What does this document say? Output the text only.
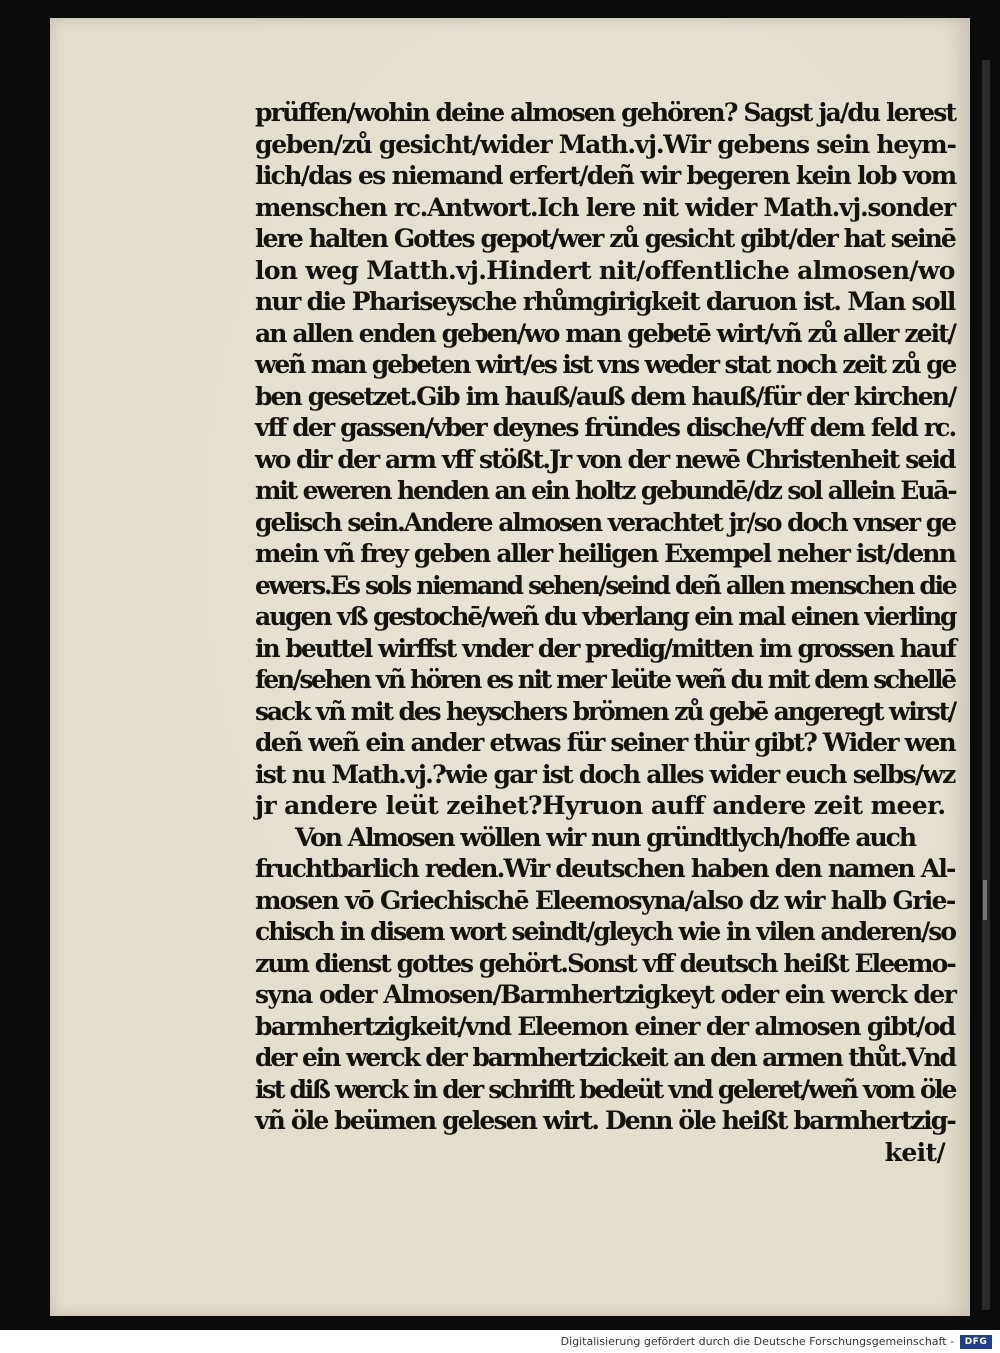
prüffen/wohin deine almosen gehören? Sagst ja/du lerest
geben/zů gesicht/wider Math.vj.Wir gebens sein heym-
lich/das es niemand erfert/deñ wir begeren kein lob vom
menschen rc.Antwort.Ich lere nit wider Math.vj.sonder
lere halten Gottes gepot/wer zů gesicht gibt/der hat seinē
lon weg Matth.vj.Hindert nit/offentliche almosen/wo
nur die Phariseysche rhůmgirigkeit daruon ist. Man soll
an allen enden geben/wo man gebetē wirt/vñ zů aller zeit/
weñ man gebeten wirt/es ist vns weder stat noch zeit zů ge
ben gesetzet.Gib im hauß/auß dem hauß/für der kirchen/
vff der gassen/vber deynes fründes dische/vff dem feld rc.
wo dir der arm vff stößt.Jr von der newē Christenheit seid
mit eweren henden an ein holtz gebundē/dz sol allein Euā-
gelisch sein.Andere almosen verachtet jr/so doch vnser ge
mein vñ frey geben aller heiligen Exempel neher ist/denn
ewers.Es sols niemand sehen/seind deñ allen menschen die
augen vß gestochē/weñ du vberlang ein mal einen vierling
in beuttel wirffst vnder der predig/mitten im grossen hauf
fen/sehen vñ hören es nit mer leüte weñ du mit dem schellē
sack vñ mit des heyschers brömen zů gebē angeregt wirst/
deñ weñ ein ander etwas für seiner thür gibt? Wider wen
ist nu Math.vj.?wie gar ist doch alles wider euch selbs/wz
jr andere leüt zeihet?Hyruon auff andere zeit meer.
Von Almosen wöllen wir nun gründtlych/hoffe auch
fruchtbarlich reden.Wir deutschen haben den namen Al-
mosen vō Griechischē Eleemosyna/also dz wir halb Grie-
chisch in disem wort seindt/gleych wie in vilen anderen/so
zum dienst gottes gehört.Sonst vff deutsch heißt Eleemo-
syna oder Almosen/Barmhertzigkeyt oder ein werck der
barmhertzigkeit/vnd Eleemon einer der almosen gibt/od
der ein werck der barmhertzickeit an den armen thůt.Vnd
ist diß werck in der schrifft bedeüt vnd geleret/weñ vom öle
vñ öle beümen gelesen wirt. Denn öle heißt barmhertzig-
keit/
Digitalisierung gefördert durch die Deutsche Forschungsgemeinschaft -	DFG
